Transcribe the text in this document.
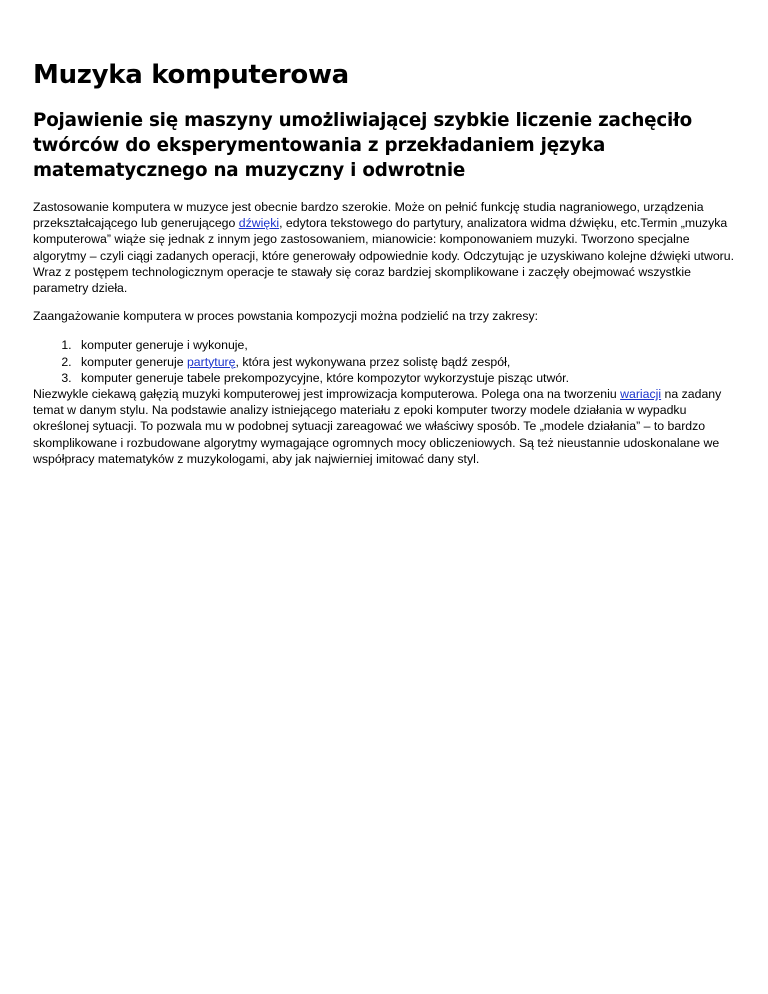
Muzyka komputerowa
Pojawienie się maszyny umożliwiającej szybkie liczenie zachęciło twórców do eksperymentowania z przekładaniem języka matematycznego na muzyczny i odwrotnie

Zastosowanie komputera w muzyce jest obecnie bardzo szerokie. Może on pełnić funkcję studia nagraniowego, urządzenia przekształcającego lub generującego dźwięki, edytora tekstowego do partytury, analizatora widma dźwięku, etc.Termin „muzyka komputerowa” wiąże się jednak z innym jego zastosowaniem, mianowicie: komponowaniem muzyki. Tworzono specjalne algorytmy – czyli ciągi zadanych operacji, które generowały odpowiednie kody. Odczytując je uzyskiwano kolejne dźwięki utworu. Wraz z postępem technologicznym operacje te stawały się coraz bardziej skomplikowane i zaczęły obejmować wszystkie parametry dzieła.

Zaangażowanie komputera w proces powstania kompozycji można podzielić na trzy zakresy:

1. komputer generuje i wykonuje,
2. komputer generuje partyturę, która jest wykonywana przez solistę bądź zespół,
3. komputer generuje tabele prekompozycyjne, które kompozytor wykorzystuje pisząc utwór.

Niezwykle ciekawą gałęzią muzyki komputerowej jest improwizacja komputerowa. Polega ona na tworzeniu wariacji na zadany temat w danym stylu. Na podstawie analizy istniejącego materiału z epoki komputer tworzy modele działania w wypadku określonej sytuacji. To pozwala mu w podobnej sytuacji zareagować we właściwy sposób. Te „modele działania” – to bardzo skomplikowane i rozbudowane algorytmy wymagające ogromnych mocy obliczeniowych. Są też nieustannie udoskonalane we współpracy matematyków z muzykologami, aby jak najwierniej imitować dany styl.
